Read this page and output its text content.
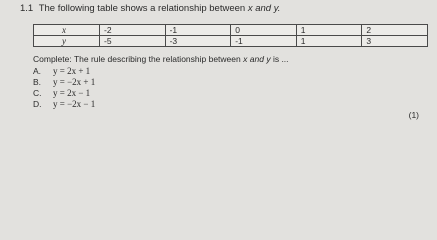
1.1 The following table shows a relationship between x and y.
x	-2	-1	0	1	2
y	-5	-3	-1	1	3
Complete: The rule describing the relationship between x and y is ...
A.	y = 2x + 1
B.	y = −2x + 1
C.	y = 2x − 1
D.	y = −2x − 1
(1)
